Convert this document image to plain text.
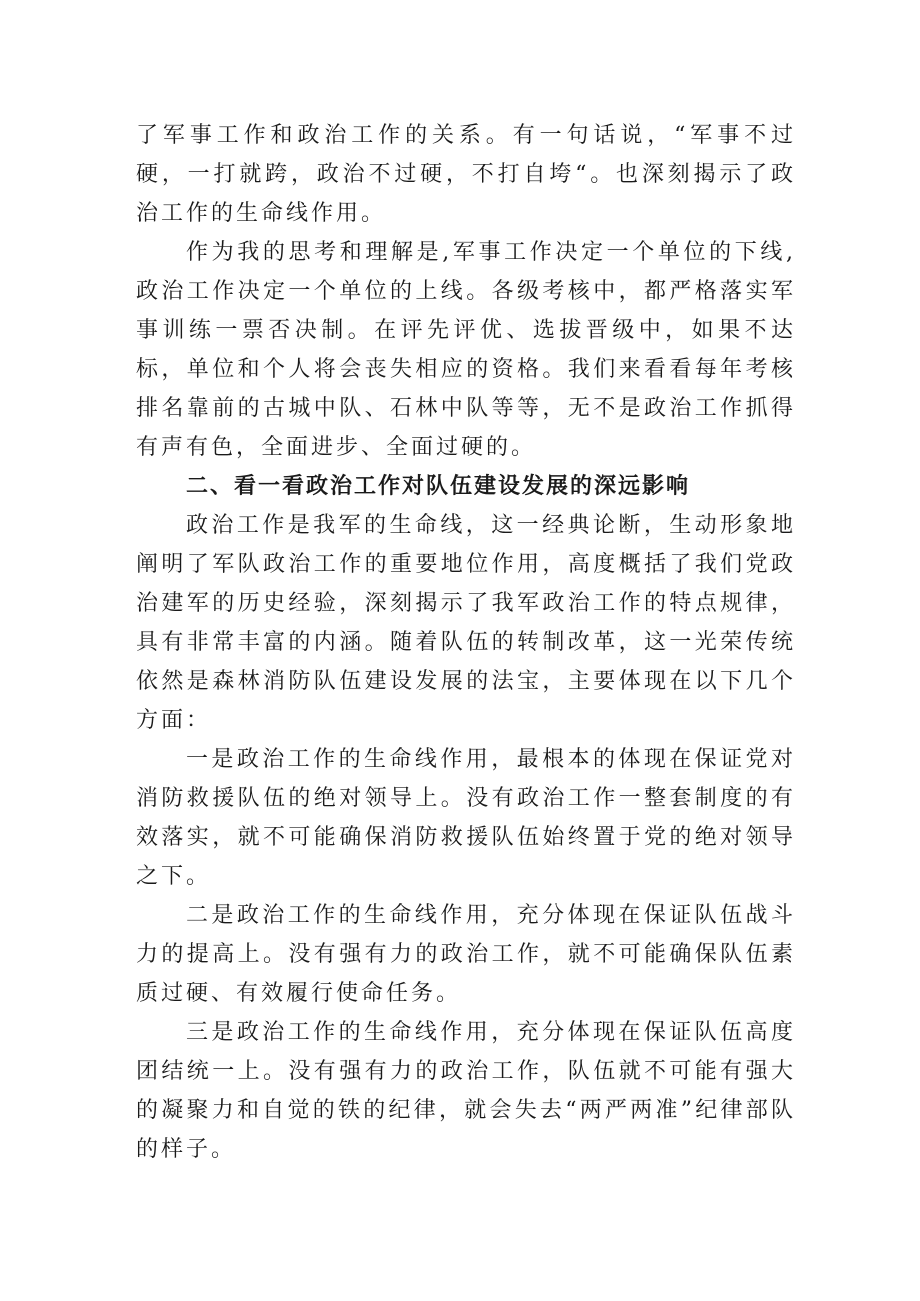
了军事工作和政治工作的关系。有一句话说，“军事不过硬，一打就跨，政治不过硬，不打自垮“。也深刻揭示了政治工作的生命线作用。

作为我的思考和理解是,军事工作决定一个单位的下线,政治工作决定一个单位的上线。各级考核中，都严格落实军事训练一票否决制。在评先评优、选拔晋级中，如果不达标，单位和个人将会丧失相应的资格。我们来看看每年考核排名靠前的古城中队、石林中队等等，无不是政治工作抓得有声有色，全面进步、全面过硬的。

二、看一看政治工作对队伍建设发展的深远影响

政治工作是我军的生命线，这一经典论断，生动形象地阐明了军队政治工作的重要地位作用，高度概括了我们党政治建军的历史经验，深刻揭示了我军政治工作的特点规律，具有非常丰富的内涵。随着队伍的转制改革，这一光荣传统依然是森林消防队伍建设发展的法宝，主要体现在以下几个方面：

一是政治工作的生命线作用，最根本的体现在保证党对消防救援队伍的绝对领导上。没有政治工作一整套制度的有效落实，就不可能确保消防救援队伍始终置于党的绝对领导之下。

二是政治工作的生命线作用，充分体现在保证队伍战斗力的提高上。没有强有力的政治工作，就不可能确保队伍素质过硬、有效履行使命任务。

三是政治工作的生命线作用，充分体现在保证队伍高度团结统一上。没有强有力的政治工作，队伍就不可能有强大的凝聚力和自觉的铁的纪律，就会失去“两严两准”纪律部队的样子。
